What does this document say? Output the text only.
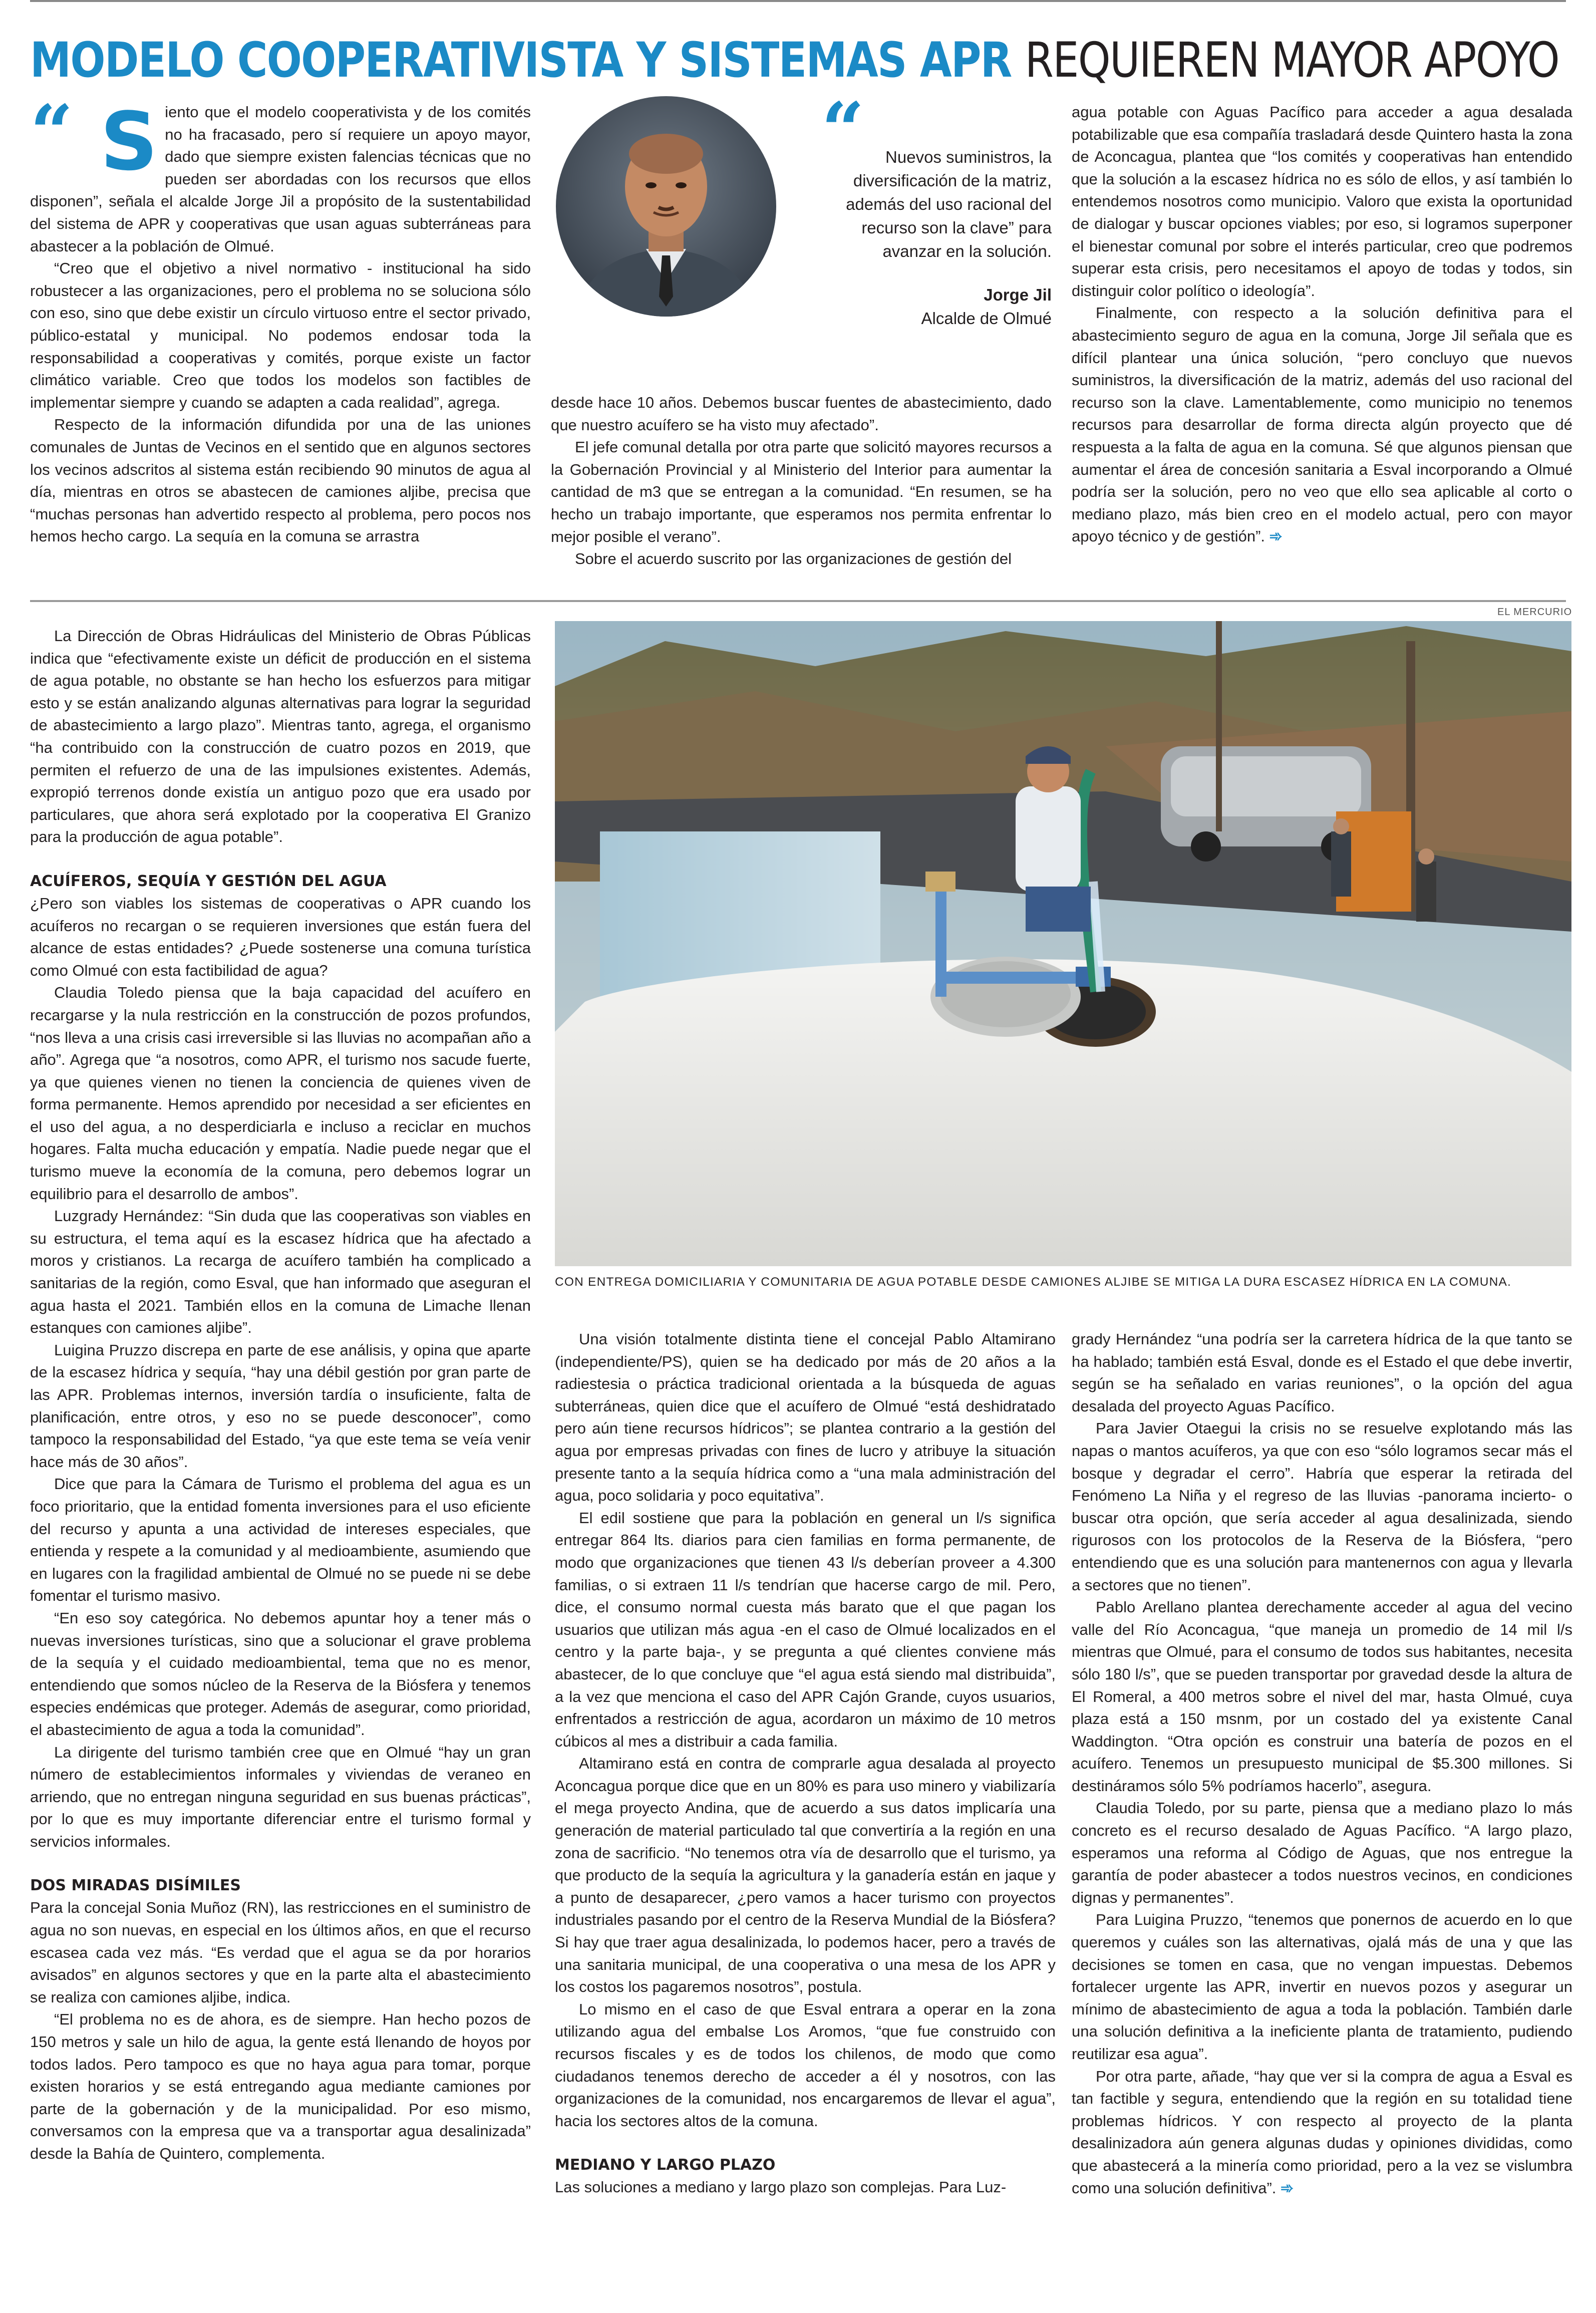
MODELO COOPERATIVISTA Y SISTEMAS APR REQUIEREN MAYOR APOYO
“ Siento que el modelo cooperativista y de los comités no ha fracasado, pero sí requiere un apoyo mayor, dado que siempre existen falencias técnicas que no pueden ser abordadas con los recursos que ellos disponen”, señala el alcalde Jorge Jil a propósito de la sustentabilidad del sistema de APR y cooperativas que usan aguas subterráneas para abastecer a la población de Olmué.

“Creo que el objetivo a nivel normativo - institucional ha sido robustecer a las organizaciones, pero el problema no se soluciona sólo con eso, sino que debe existir un círculo virtuoso entre el sector privado, público-estatal y municipal. No podemos endosar toda la responsabilidad a cooperativas y comités, porque existe un factor climático variable. Creo que todos los modelos son factibles de implementar siempre y cuando se adapten a cada realidad”, agrega.

Respecto de la información difundida por una de las uniones comunales de Juntas de Vecinos en el sentido que en algunos sectores los vecinos adscritos al sistema están recibiendo 90 minutos de agua al día, mientras en otros se abastecen de camiones aljibe, precisa que “muchas personas han advertido respecto al problema, pero pocos nos hemos hecho cargo. La sequía en la comuna se arrastra

“	Nuevos suministros, la diversificación de la matriz, además del uso racional del recurso son la clave” para avanzar en la solución.
Jorge Jil
Alcalde de Olmué

desde hace 10 años. Debemos buscar fuentes de abastecimiento, dado que nuestro acuífero se ha visto muy afectado”.

El jefe comunal detalla por otra parte que solicitó mayores recursos a la Gobernación Provincial y al Ministerio del Interior para aumentar la cantidad de m3 que se entregan a la comunidad. “En resumen, se ha hecho un trabajo importante, que esperamos nos permita enfrentar lo mejor posible el verano”.

Sobre el acuerdo suscrito por las organizaciones de gestión del

agua potable con Aguas Pacífico para acceder a agua desalada potabilizable que esa compañía trasladará desde Quintero hasta la zona de Aconcagua, plantea que “los comités y cooperativas han entendido que la solución a la escasez hídrica no es sólo de ellos, y así también lo entendemos nosotros como municipio. Valoro que exista la oportunidad de dialogar y buscar opciones viables; por eso, si logramos superponer el bienestar comunal por sobre el interés particular, creo que podremos superar esta crisis, pero necesitamos el apoyo de todas y todos, sin distinguir color político o ideología”.

Finalmente, con respecto a la solución definitiva para el abastecimiento seguro de agua en la comuna, Jorge Jil señala que es difícil plantear una única solución, “pero concluyo que nuevos suministros, la diversificación de la matriz, además del uso racional del recurso son la clave. Lamentablemente, como municipio no tenemos recursos para desarrollar de forma directa algún proyecto que dé respuesta a la falta de agua en la comuna. Sé que algunos piensan que aumentar el área de concesión sanitaria a Esval incorporando a Olmué podría ser la solución, pero no veo que ello sea aplicable al corto o mediano plazo, más bien creo en el modelo actual, pero con mayor apoyo técnico y de gestión”. ➾

EL MERCURIO
CON ENTREGA DOMICILIARIA Y COMUNITARIA DE AGUA POTABLE DESDE CAMIONES ALJIBE SE MITIGA LA DURA ESCASEZ HÍDRICA EN LA COMUNA.

La Dirección de Obras Hidráulicas del Ministerio de Obras Públicas indica que “efectivamente existe un déficit de producción en el sistema de agua potable, no obstante se han hecho los esfuerzos para mitigar esto y se están analizando algunas alternativas para lograr la seguridad de abastecimiento a largo plazo”. Mientras tanto, agrega, el organismo “ha contribuido con la construcción de cuatro pozos en 2019, que permiten el refuerzo de una de las impulsiones existentes. Además, expropió terrenos donde existía un antiguo pozo que era usado por particulares, que ahora será explotado por la cooperativa El Granizo para la producción de agua potable”.

ACUÍFEROS, SEQUÍA Y GESTIÓN DEL AGUA

¿Pero son viables los sistemas de cooperativas o APR cuando los acuíferos no recargan o se requieren inversiones que están fuera del alcance de estas entidades? ¿Puede sostenerse una comuna turística como Olmué con esta factibilidad de agua?

Claudia Toledo piensa que la baja capacidad del acuífero en recargarse y la nula restricción en la construcción de pozos profundos, “nos lleva a una crisis casi irreversible si las lluvias no acompañan año a año”. Agrega que “a nosotros, como APR, el turismo nos sacude fuerte, ya que quienes vienen no tienen la conciencia de quienes viven de forma permanente. Hemos aprendido por necesidad a ser eficientes en el uso del agua, a no desperdiciarla e incluso a reciclar en muchos hogares. Falta mucha educación y empatía. Nadie puede negar que el turismo mueve la economía de la comuna, pero debemos lograr un equilibrio para el desarrollo de ambos”.

Luzgrady Hernández: “Sin duda que las cooperativas son viables en su estructura, el tema aquí es la escasez hídrica que ha afectado a moros y cristianos. La recarga de acuífero también ha complicado a sanitarias de la región, como Esval, que han informado que aseguran el agua hasta el 2021. También ellos en la comuna de Limache llenan estanques con camiones aljibe”.

Luigina Pruzzo discrepa en parte de ese análisis, y opina que aparte de la escasez hídrica y sequía, “hay una débil gestión por gran parte de las APR. Problemas internos, inversión tardía o insuficiente, falta de planificación, entre otros, y eso no se puede desconocer”, como tampoco la responsabilidad del Estado, “ya que este tema se veía venir hace más de 30 años”.

Dice que para la Cámara de Turismo el problema del agua es un foco prioritario, que la entidad fomenta inversiones para el uso eficiente del recurso y apunta a una actividad de intereses especiales, que entienda y respete a la comunidad y al medioambiente, asumiendo que en lugares con la fragilidad ambiental de Olmué no se puede ni se debe fomentar el turismo masivo.

“En eso soy categórica. No debemos apuntar hoy a tener más o nuevas inversiones turísticas, sino que a solucionar el grave problema de la sequía y el cuidado medioambiental, tema que no es menor, entendiendo que somos núcleo de la Reserva de la Biósfera y tenemos especies endémicas que proteger. Además de asegurar, como prioridad, el abastecimiento de agua a toda la comunidad”.

La dirigente del turismo también cree que en Olmué “hay un gran número de establecimientos informales y viviendas de veraneo en arriendo, que no entregan ninguna seguridad en sus buenas prácticas”, por lo que es muy importante diferenciar entre el turismo formal y servicios informales.

DOS MIRADAS DISÍMILES

Para la concejal Sonia Muñoz (RN), las restricciones en el suministro de agua no son nuevas, en especial en los últimos años, en que el recurso escasea cada vez más. “Es verdad que el agua se da por horarios avisados” en algunos sectores y que en la parte alta el abastecimiento se realiza con camiones aljibe, indica.

“El problema no es de ahora, es de siempre. Han hecho pozos de 150 metros y sale un hilo de agua, la gente está llenando de hoyos por todos lados. Pero tampoco es que no haya agua para tomar, porque existen horarios y se está entregando agua mediante camiones por parte de la gobernación y de la municipalidad. Por eso mismo, conversamos con la empresa que va a transportar agua desalinizada” desde la Bahía de Quintero, complementa.

Una visión totalmente distinta tiene el concejal Pablo Altamirano (independiente/PS), quien se ha dedicado por más de 20 años a la radiestesia o práctica tradicional orientada a la búsqueda de aguas subterráneas, quien dice que el acuífero de Olmué “está deshidratado pero aún tiene recursos hídricos”; se plantea contrario a la gestión del agua por empresas privadas con fines de lucro y atribuye la situación presente tanto a la sequía hídrica como a “una mala administración del agua, poco solidaria y poco equitativa”.

El edil sostiene que para la población en general un l/s significa entregar 864 lts. diarios para cien familias en forma permanente, de modo que organizaciones que tienen 43 l/s deberían proveer a 4.300 familias, o si extraen 11 l/s tendrían que hacerse cargo de mil. Pero, dice, el consumo normal cuesta más barato que el que pagan los usuarios que utilizan más agua -en el caso de Olmué localizados en el centro y la parte baja-, y se pregunta a qué clientes conviene más abastecer, de lo que concluye que “el agua está siendo mal distribuida”, a la vez que menciona el caso del APR Cajón Grande, cuyos usuarios, enfrentados a restricción de agua, acordaron un máximo de 10 metros cúbicos al mes a distribuir a cada familia.

Altamirano está en contra de comprarle agua desalada al proyecto Aconcagua porque dice que en un 80% es para uso minero y viabilizaría el mega proyecto Andina, que de acuerdo a sus datos implicaría una generación de material particulado tal que convertiría a la región en una zona de sacrificio. “No tenemos otra vía de desarrollo que el turismo, ya que producto de la sequía la agricultura y la ganadería están en jaque y a punto de desaparecer, ¿pero vamos a hacer turismo con proyectos industriales pasando por el centro de la Reserva Mundial de la Biósfera? Si hay que traer agua desalinizada, lo podemos hacer, pero a través de una sanitaria municipal, de una cooperativa o una mesa de los APR y los costos los pagaremos nosotros”, postula.

Lo mismo en el caso de que Esval entrara a operar en la zona utilizando agua del embalse Los Aromos, “que fue construido con recursos fiscales y es de todos los chilenos, de modo que como ciudadanos tenemos derecho de acceder a él y nosotros, con las organizaciones de la comunidad, nos encargaremos de llevar el agua”, hacia los sectores altos de la comuna.

MEDIANO Y LARGO PLAZO

Las soluciones a mediano y largo plazo son complejas. Para Luz-

grady Hernández “una podría ser la carretera hídrica de la que tanto se ha hablado; también está Esval, donde es el Estado el que debe invertir, según se ha señalado en varias reuniones”, o la opción del agua desalada del proyecto Aguas Pacífico.

Para Javier Otaegui la crisis no se resuelve explotando más las napas o mantos acuíferos, ya que con eso “sólo logramos secar más el bosque y degradar el cerro”. Habría que esperar la retirada del Fenómeno La Niña y el regreso de las lluvias -panorama incierto- o buscar otra opción, que sería acceder al agua desalinizada, siendo rigurosos con los protocolos de la Reserva de la Biósfera, “pero entendiendo que es una solución para mantenernos con agua y llevarla a sectores que no tienen”.

Pablo Arellano plantea derechamente acceder al agua del vecino valle del Río Aconcagua, “que maneja un promedio de 14 mil l/s mientras que Olmué, para el consumo de todos sus habitantes, necesita sólo 180 l/s”, que se pueden transportar por gravedad desde la altura de El Romeral, a 400 metros sobre el nivel del mar, hasta Olmué, cuya plaza está a 150 msnm, por un costado del ya existente Canal Waddington. “Otra opción es construir una batería de pozos en el acuífero. Tenemos un presupuesto municipal de $5.300 millones. Si destináramos sólo 5% podríamos hacerlo”, asegura.

Claudia Toledo, por su parte, piensa que a mediano plazo lo más concreto es el recurso desalado de Aguas Pacífico. “A largo plazo, esperamos una reforma al Código de Aguas, que nos entregue la garantía de poder abastecer a todos nuestros vecinos, en condiciones dignas y permanentes”.

Para Luigina Pruzzo, “tenemos que ponernos de acuerdo en lo que queremos y cuáles son las alternativas, ojalá más de una y que las decisiones se tomen en casa, que no vengan impuestas. Debemos fortalecer urgente las APR, invertir en nuevos pozos y asegurar un mínimo de abastecimiento de agua a toda la población. También darle una solución definitiva a la ineficiente planta de tratamiento, pudiendo reutilizar esa agua”.

Por otra parte, añade, “hay que ver si la compra de agua a Esval es tan factible y segura, entendiendo que la región en su totalidad tiene problemas hídricos. Y con respecto al proyecto de la planta desalinizadora aún genera algunas dudas y opiniones divididas, como que abastecerá a la minería como prioridad, pero a la vez se vislumbra como una solución definitiva”. ➾
